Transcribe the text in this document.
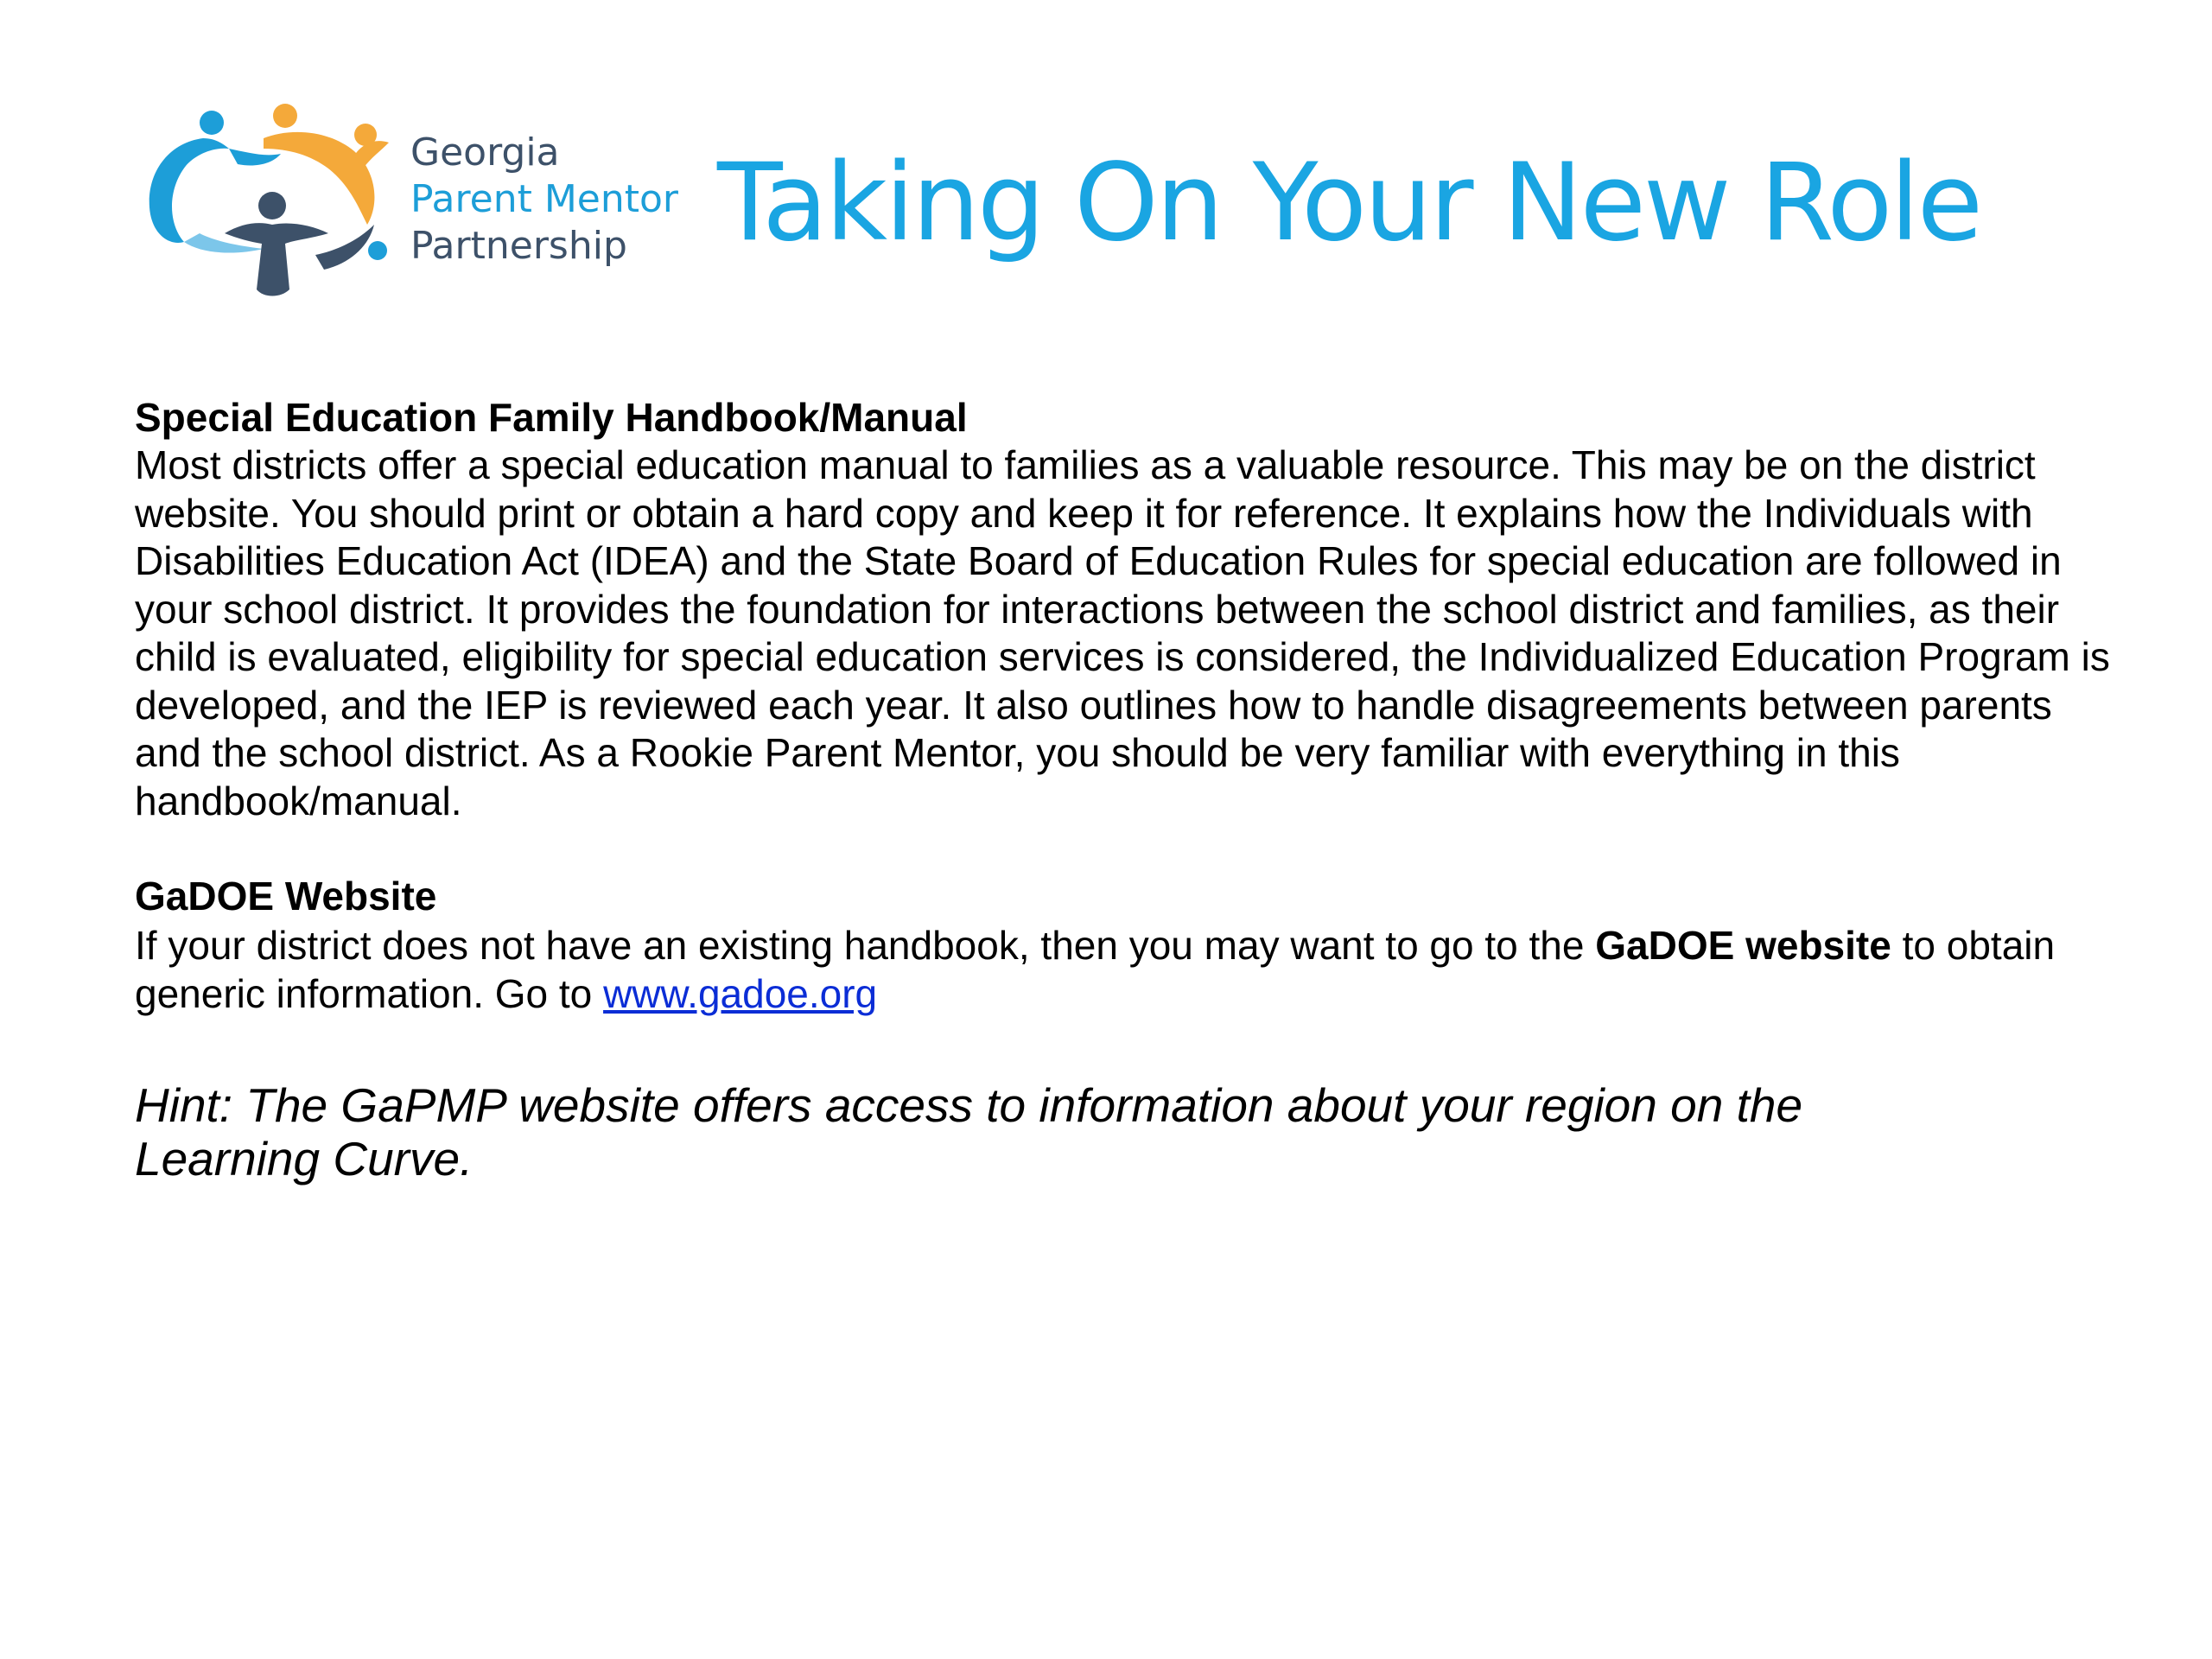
Georgia
Parent Mentor
Partnership Taking On Your New Role
Special Education Family Handbook/Manual

Most districts offer a special education manual to families as a valuable resource. This may be on the district website. You should print or obtain a hard copy and keep it for reference. It explains how the Individuals with Disabilities Education Act (IDEA) and the State Board of Education Rules for special education are followed in your school district. It provides the foundation for interactions between the school district and families, as their child is evaluated, eligibility for special education services is considered, the Individualized Education Program is developed, and the IEP is reviewed each year. It also outlines how to handle disagreements between parents and the school district. As a Rookie Parent Mentor, you should be very familiar with everything in this handbook/manual.

GaDOE Website

If your district does not have an existing handbook, then you may want to go to the GaDOE website to obtain generic information. Go to www.gadoe.org

Hint: The GaPMP website offers access to information about your region on the Learning Curve.
